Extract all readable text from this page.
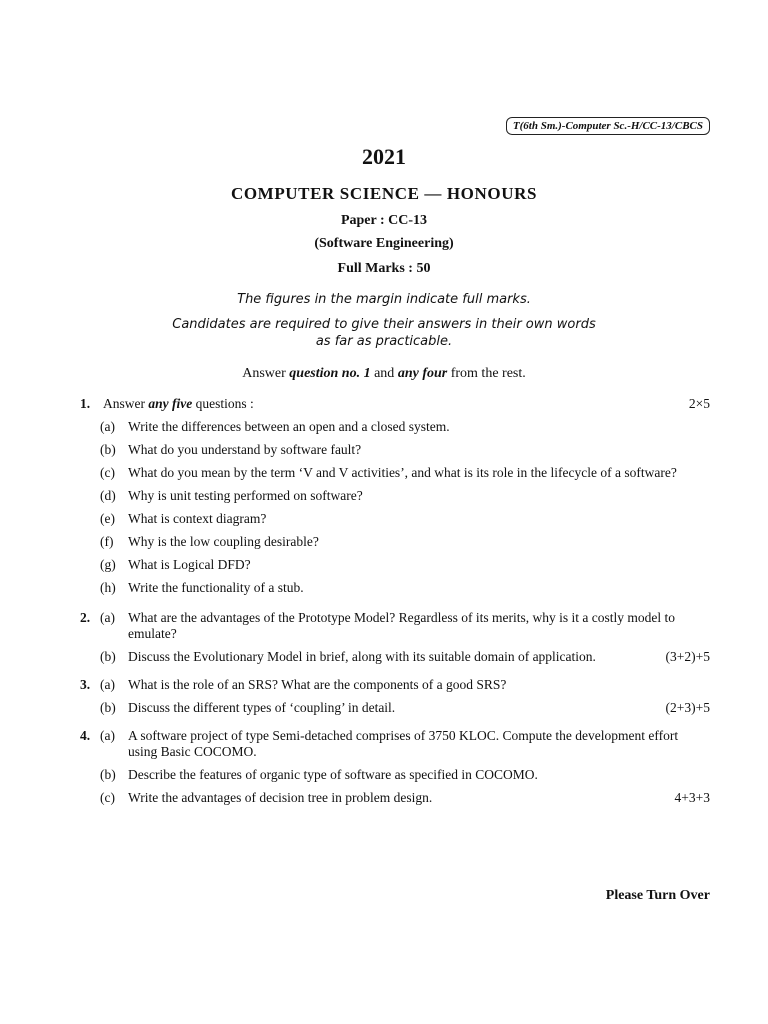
T(6th Sm.)-Computer Sc.-H/CC-13/CBCS
2021
COMPUTER SCIENCE — HONOURS
Paper : CC-13
(Software Engineering)
Full Marks : 50
The figures in the margin indicate full marks.
Candidates are required to give their answers in their own words
as far as practicable.
Answer question no. 1 and any four from the rest.
1. Answer any five questions :	2×5
(a) Write the differences between an open and a closed system.
(b) What do you understand by software fault?
(c) What do you mean by the term ‘V and V activities’, and what is its role in the lifecycle of a software?
(d) Why is unit testing performed on software?
(e) What is context diagram?
(f) Why is the low coupling desirable?
(g) What is Logical DFD?
(h) Write the functionality of a stub.
2. (a) What are the advantages of the Prototype Model? Regardless of its merits, why is it a costly model to emulate?
(b) Discuss the Evolutionary Model in brief, along with its suitable domain of application.	(3+2)+5
3. (a) What is the role of an SRS? What are the components of a good SRS?
(b) Discuss the different types of ‘coupling’ in detail.	(2+3)+5
4. (a) A software project of type Semi-detached comprises of 3750 KLOC. Compute the development effort using Basic COCOMO.
(b) Describe the features of organic type of software as specified in COCOMO.
(c) Write the advantages of decision tree in problem design.	4+3+3
Please Turn Over
